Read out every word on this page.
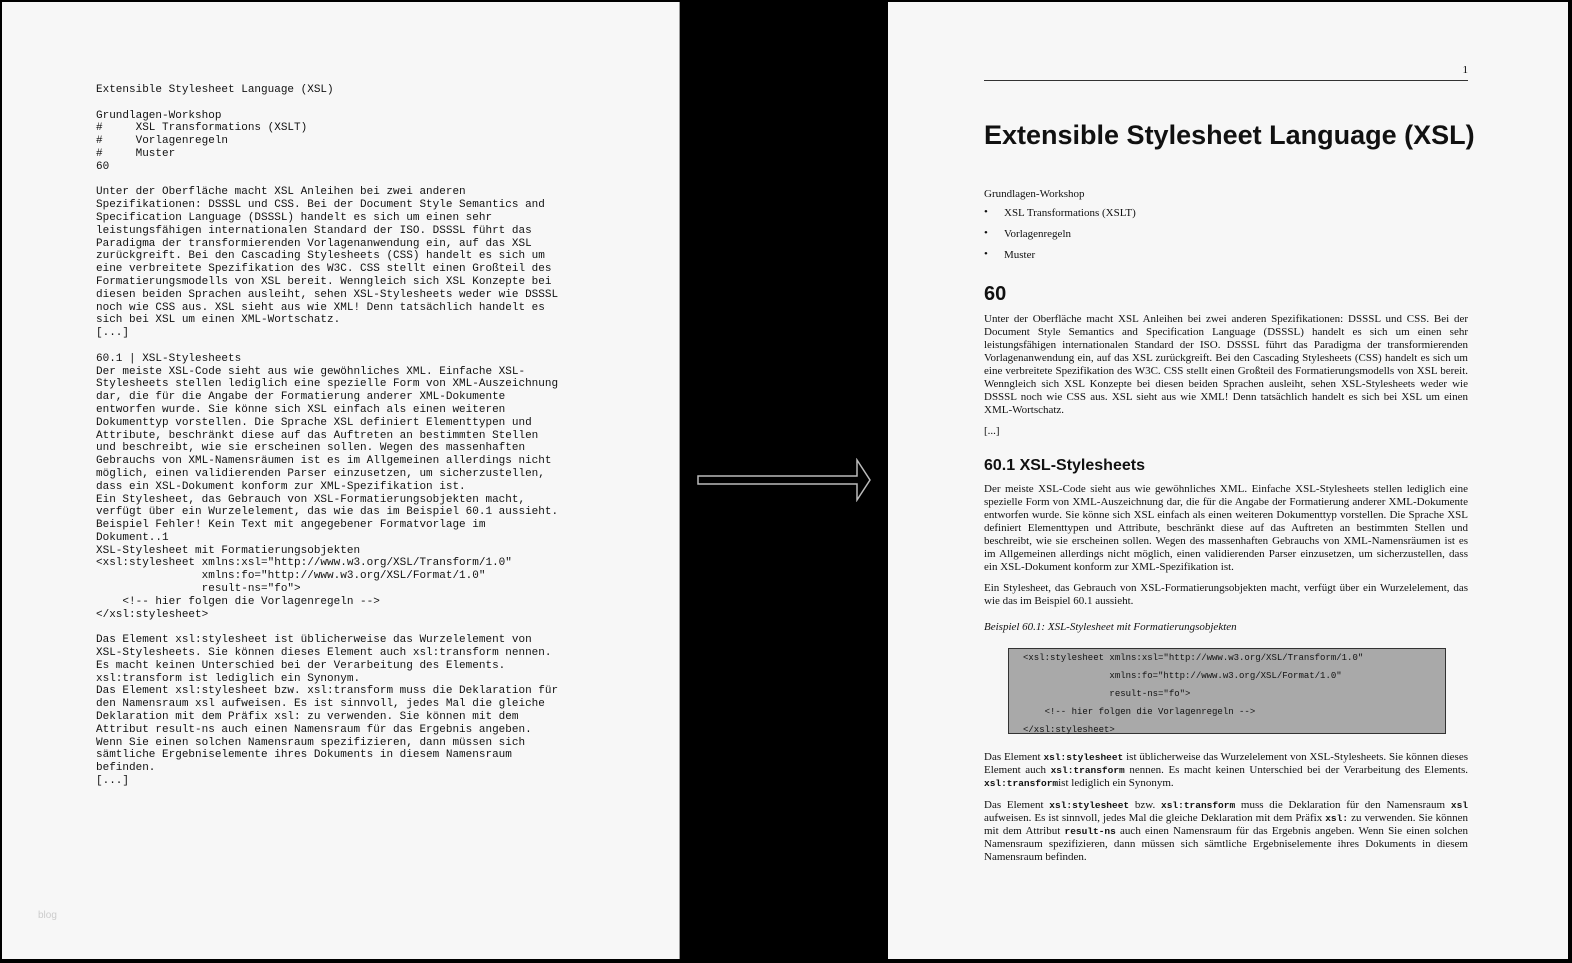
Extensible Stylesheet Language (XSL)

Grundlagen-Workshop
#     XSL Transformations (XSLT)
#     Vorlagenregeln
#     Muster
60

Unter der Oberfläche macht XSL Anleihen bei zwei anderen
Spezifikationen: DSSSL und CSS. Bei der Document Style Semantics and
Specification Language (DSSSL) handelt es sich um einen sehr
leistungsfähigen internationalen Standard der ISO. DSSSL führt das
Paradigma der transformierenden Vorlagenanwendung ein, auf das XSL
zurückgreift. Bei den Cascading Stylesheets (CSS) handelt es sich um
eine verbreitete Spezifikation des W3C. CSS stellt einen Großteil des
Formatierungsmodells von XSL bereit. Wenngleich sich XSL Konzepte bei
diesen beiden Sprachen ausleiht, sehen XSL-Stylesheets weder wie DSSSL
noch wie CSS aus. XSL sieht aus wie XML! Denn tatsächlich handelt es
sich bei XSL um einen XML-Wortschatz.
[...]

60.1 | XSL-Stylesheets
Der meiste XSL-Code sieht aus wie gewöhnliches XML. Einfache XSL-
Stylesheets stellen lediglich eine spezielle Form von XML-Auszeichnung
dar, die für die Angabe der Formatierung anderer XML-Dokumente
entworfen wurde. Sie könne sich XSL einfach als einen weiteren
Dokumenttyp vorstellen. Die Sprache XSL definiert Elementtypen und
Attribute, beschränkt diese auf das Auftreten an bestimmten Stellen
und beschreibt, wie sie erscheinen sollen. Wegen des massenhaften
Gebrauchs von XML-Namensräumen ist es im Allgemeinen allerdings nicht
möglich, einen validierenden Parser einzusetzen, um sicherzustellen,
dass ein XSL-Dokument konform zur XML-Spezifikation ist.
Ein Stylesheet, das Gebrauch von XSL-Formatierungsobjekten macht,
verfügt über ein Wurzelelement, das wie das im Beispiel 60.1 aussieht.
Beispiel Fehler! Kein Text mit angegebener Formatvorlage im
Dokument..1
XSL-Stylesheet mit Formatierungsobjekten
<xsl:stylesheet xmlns:xsl="http://www.w3.org/XSL/Transform/1.0"
xmlns:fo="http://www.w3.org/XSL/Format/1.0"
result-ns="fo">
<!-- hier folgen die Vorlagenregeln -->
</xsl:stylesheet>

Das Element xsl:stylesheet ist üblicherweise das Wurzelelement von
XSL-Stylesheets. Sie können dieses Element auch xsl:transform nennen.
Es macht keinen Unterschied bei der Verarbeitung des Elements.
xsl:transform ist lediglich ein Synonym.
Das Element xsl:stylesheet bzw. xsl:transform muss die Deklaration für
den Namensraum xsl aufweisen. Es ist sinnvoll, jedes Mal die gleiche
Deklaration mit dem Präfix xsl: zu verwenden. Sie können mit dem
Attribut result-ns auch einen Namensraum für das Ergebnis angeben.
Wenn Sie einen solchen Namensraum spezifizieren, dann müssen sich
sämtliche Ergebniselemente ihres Dokuments in diesem Namensraum
befinden.
[...]
blog
1
Extensible Stylesheet Language (XSL)
Grundlagen-Workshop
• XSL Transformations (XSLT)
• Vorlagenregeln
• Muster
60
Unter der Oberfläche macht XSL Anleihen bei zwei anderen Spezifikationen: DSSSL und CSS. Bei der Document Style Semantics and Specification Language (DSSSL) handelt es sich um einen sehr leistungsfähigen internationalen Standard der ISO. DSSSL führt das Paradigma der transformierenden Vorlagenanwendung ein, auf das XSL zurückgreift. Bei den Cascading Stylesheets (CSS) handelt es sich um eine verbreitete Spezifikation des W3C. CSS stellt einen Großteil des Formatierungsmodells von XSL bereit. Wenngleich sich XSL Konzepte bei diesen beiden Sprachen ausleiht, sehen XSL-Stylesheets weder wie DSSSL noch wie CSS aus. XSL sieht aus wie XML! Denn tatsächlich handelt es sich bei XSL um einen XML-Wortschatz.
[...]
60.1 XSL-Stylesheets
Der meiste XSL-Code sieht aus wie gewöhnliches XML. Einfache XSL-Stylesheets stellen lediglich eine spezielle Form von XML-Auszeichnung dar, die für die Angabe der Formatierung anderer XML-Dokumente entworfen wurde. Sie könne sich XSL einfach als einen weiteren Dokumenttyp vorstellen. Die Sprache XSL definiert Elementtypen und Attribute, beschränkt diese auf das Auftreten an bestimmten Stellen und beschreibt, wie sie erscheinen sollen. Wegen des massenhaften Gebrauchs von XML-Namensräumen ist es im Allgemeinen allerdings nicht möglich, einen validierenden Parser einzusetzen, um sicherzustellen, dass ein XSL-Dokument konform zur XML-Spezifikation ist.
Ein Stylesheet, das Gebrauch von XSL-Formatierungsobjekten macht, verfügt über ein Wurzelelement, das wie das im Beispiel 60.1 aussieht.
Beispiel 60.1: XSL-Stylesheet mit Formatierungsobjekten
<xsl:stylesheet xmlns:xsl="http://www.w3.org/XSL/Transform/1.0"
xmlns:fo="http://www.w3.org/XSL/Format/1.0"
result-ns="fo">
<!-- hier folgen die Vorlagenregeln -->
</xsl:stylesheet>
Das Element xsl:stylesheet ist üblicherweise das Wurzelelement von XSL-Stylesheets. Sie können dieses Element auch xsl:transform nennen. Es macht keinen Unterschied bei der Verarbeitung des Elements. xsl:transformist lediglich ein Synonym.
Das Element xsl:stylesheet bzw. xsl:transform muss die Deklaration für den Namensraum xsl aufweisen. Es ist sinnvoll, jedes Mal die gleiche Deklaration mit dem Präfix xsl: zu verwenden. Sie können mit dem Attribut result-ns auch einen Namensraum für das Ergebnis angeben. Wenn Sie einen solchen Namensraum spezifizieren, dann müssen sich sämtliche Ergebniselemente ihres Dokuments in diesem Namensraum befinden.
